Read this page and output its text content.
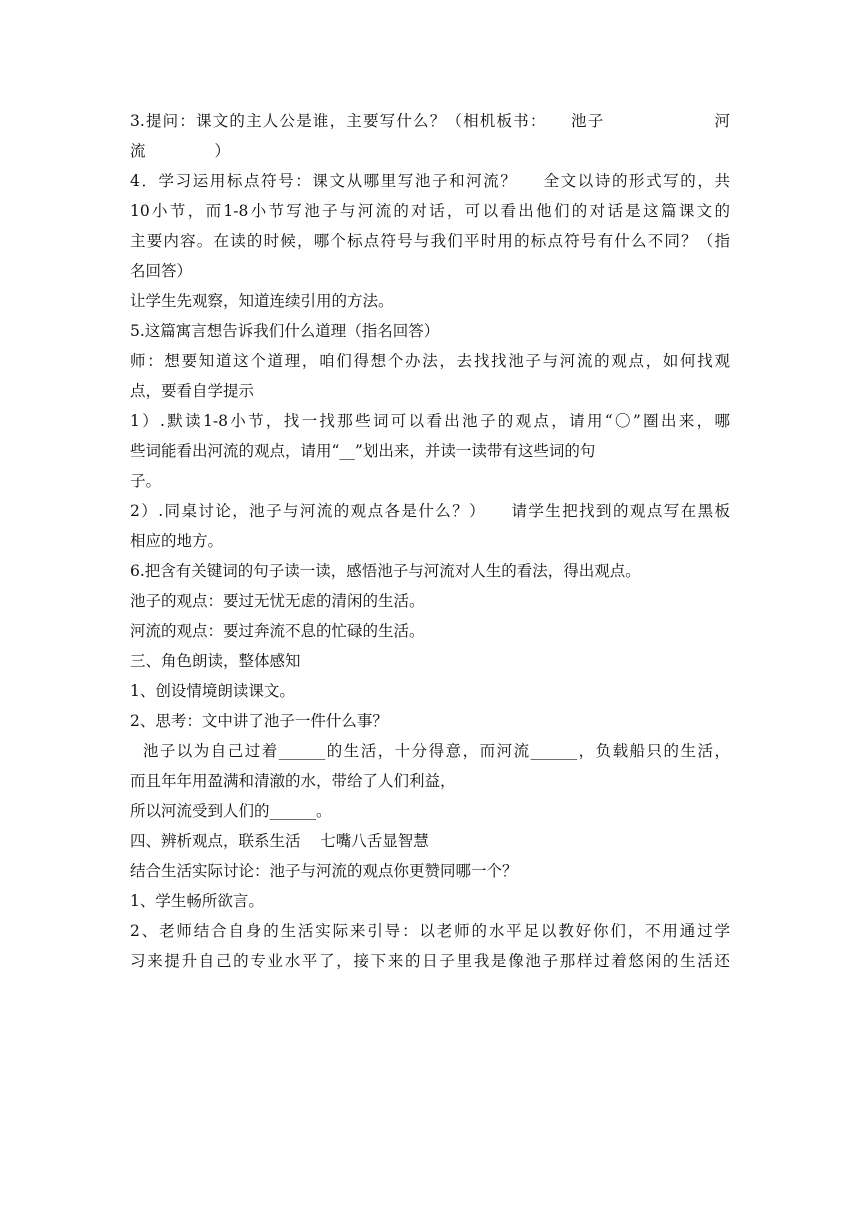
3.提问：课文的主人公是谁，主要写什么？（相机板书：    池子                  河
流              ）
4．学习运用标点符号：课文从哪里写池子和河流？    全文以诗的形式写的，共
10小节，而1-8小节写池子与河流的对话，可以看出他们的对话是这篇课文的
主要内容。在读的时候，哪个标点符号与我们平时用的标点符号有什么不同？（指
名回答）
让学生先观察，知道连续引用的方法。
5.这篇寓言想告诉我们什么道理（指名回答）
师：想要知道这个道理，咱们得想个办法，去找找池子与河流的观点，如何找观
点，要看自学提示
1）.默读1-8小节，找一找那些词可以看出池子的观点，请用“〇”圈出来，哪
些词能看出河流的观点，请用“__”划出来，并读一读带有这些词的句
子。
2）.同桌讨论，池子与河流的观点各是什么？）    请学生把找到的观点写在黑板
相应的地方。
6.把含有关键词的句子读一读，感悟池子与河流对人生的看法，得出观点。
池子的观点：要过无忧无虑的清闲的生活。
河流的观点：要过奔流不息的忙碌的生活。
三、角色朗读，整体感知
1、创设情境朗读课文。
2、思考：文中讲了池子一件什么事？
池子以为自己过着______的生活，十分得意，而河流______，负载船只的生活，
而且年年用盈满和清澈的水，带给了人们利益，
所以河流受到人们的______。
四、辨析观点，联系生活    七嘴八舌显智慧
结合生活实际讨论：池子与河流的观点你更赞同哪一个？
1、学生畅所欲言。
2、老师结合自身的生活实际来引导：以老师的水平足以教好你们，不用通过学
习来提升自己的专业水平了，接下来的日子里我是像池子那样过着悠闲的生活还
